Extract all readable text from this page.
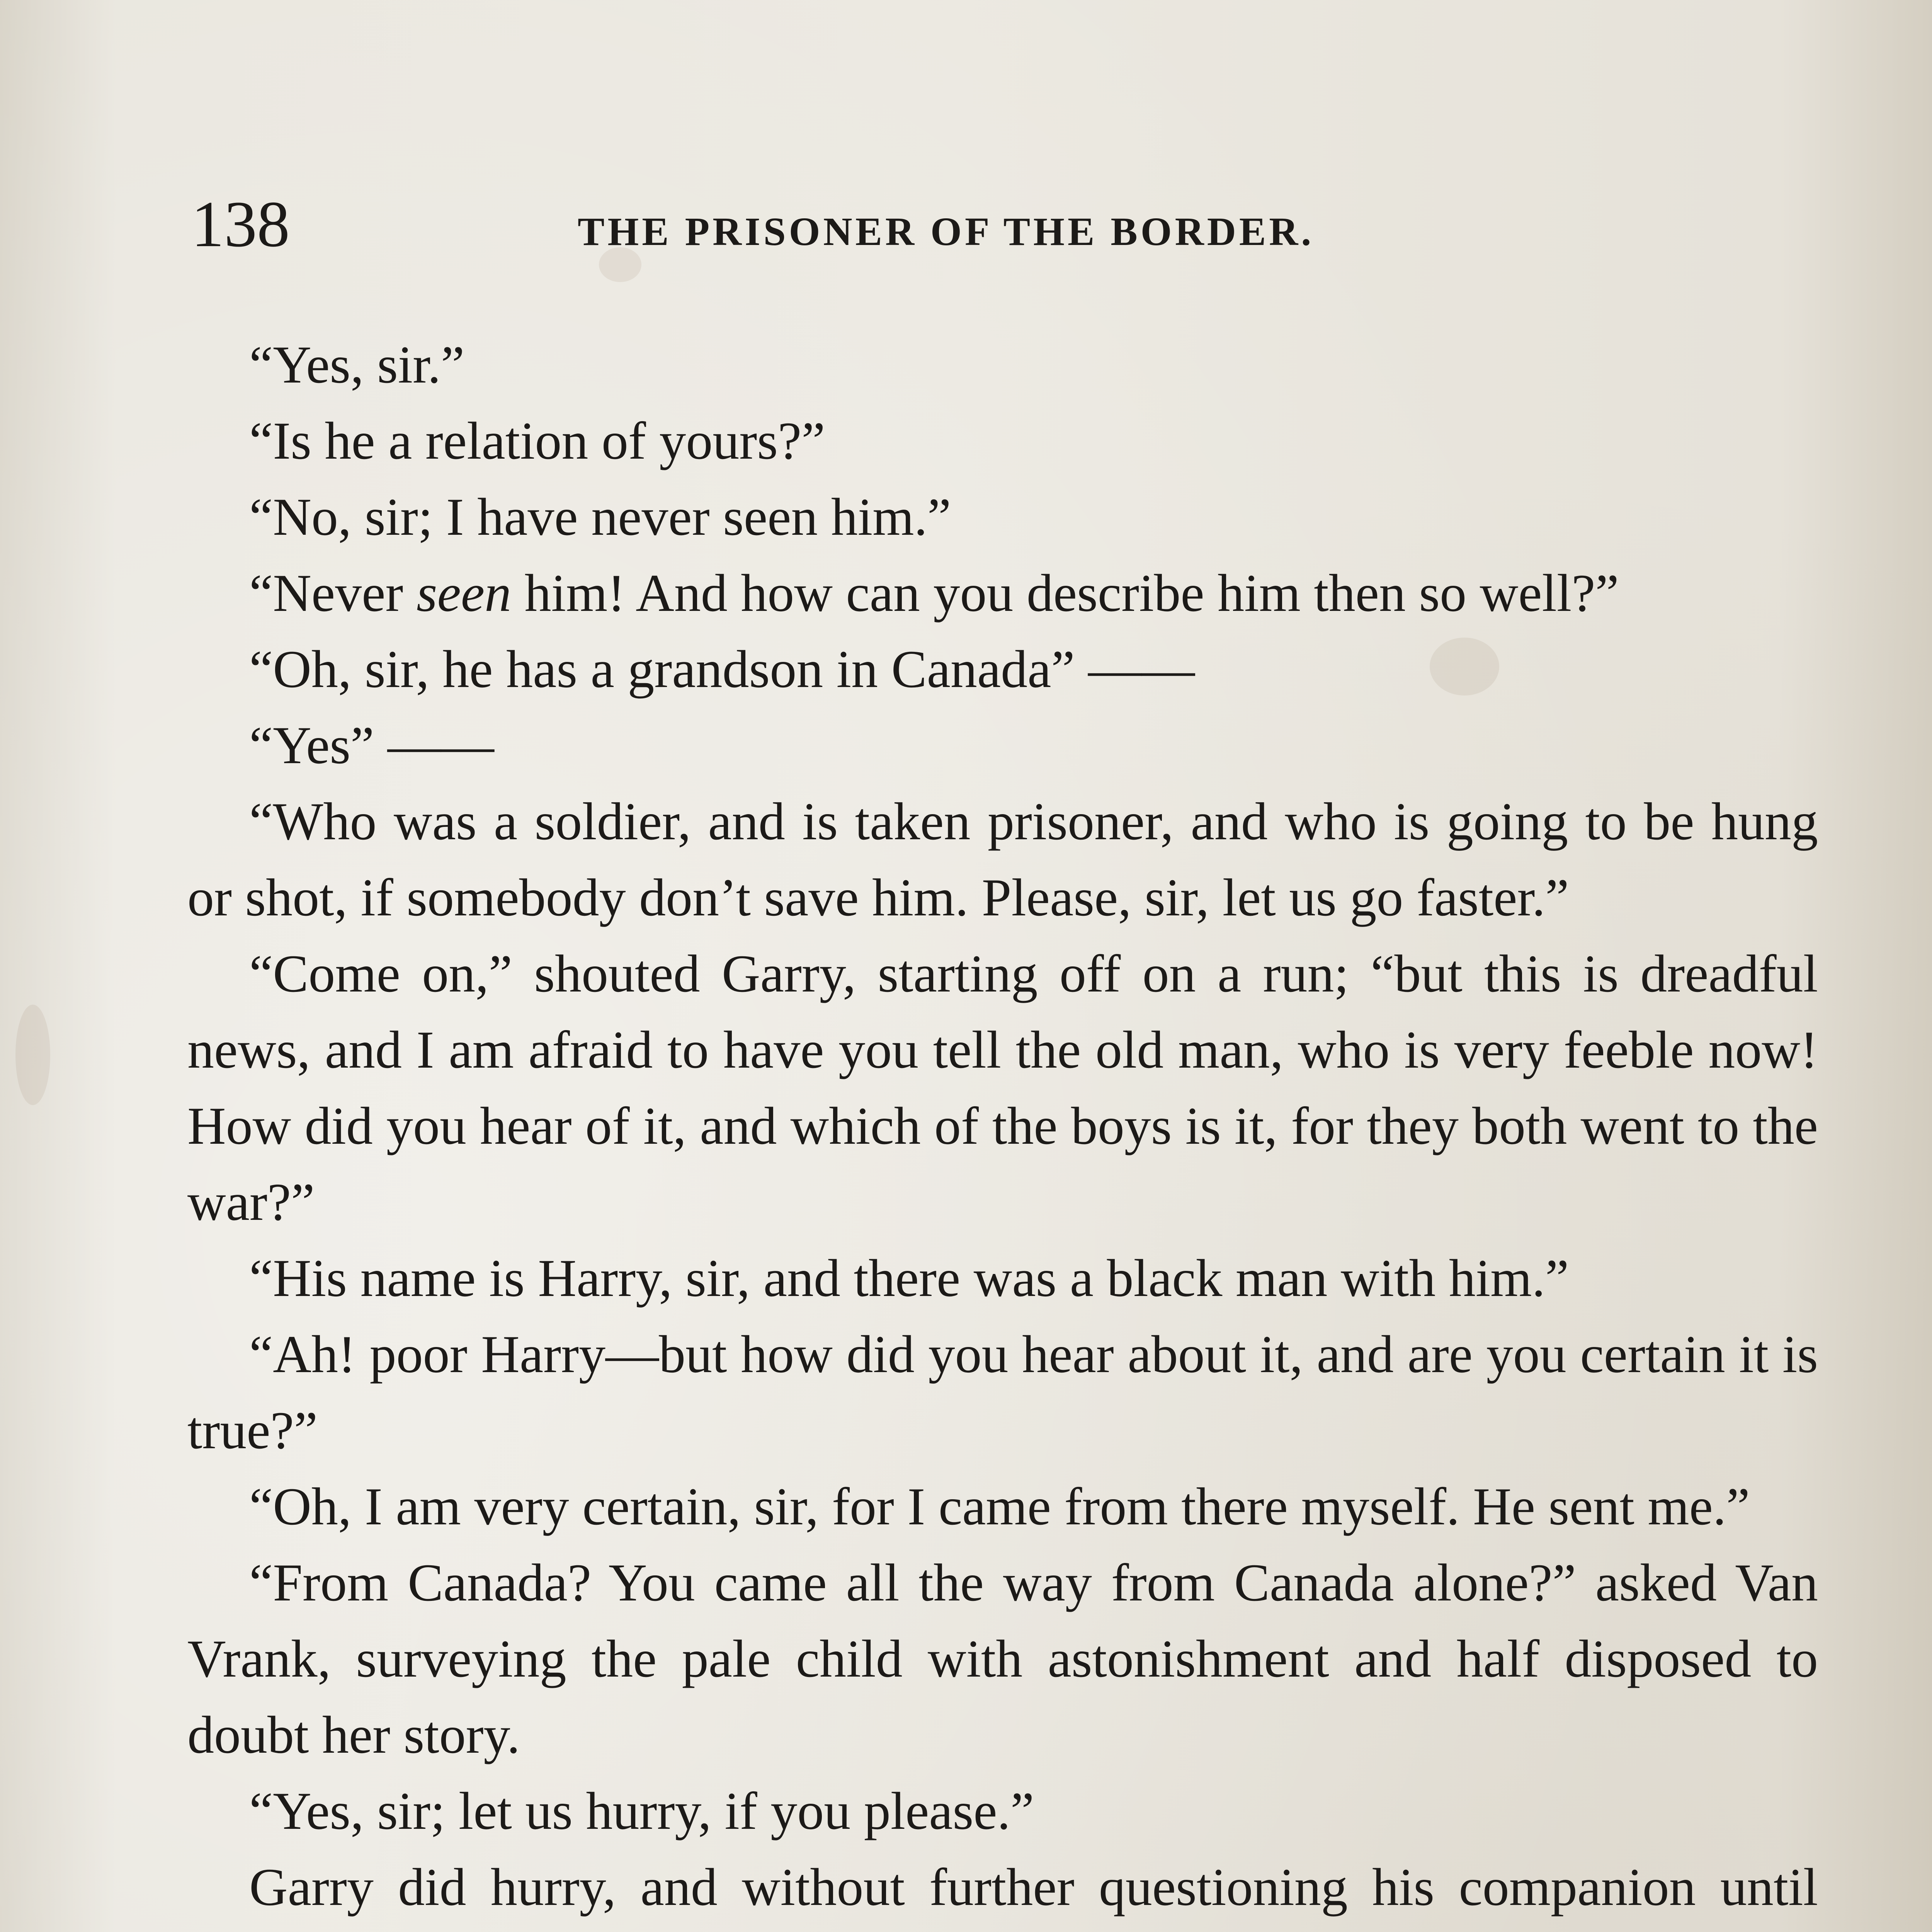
138	THE PRISONER OF THE BORDER.

“Yes, sir.”

“Is he a relation of yours?”

“No, sir; I have never seen him.”

“Never seen him! And how can you describe him then so well?”

“Oh, sir, he has a grandson in Canada” ——

“Yes” ——

“Who was a soldier, and is taken prisoner, and who is going to be hung or shot, if somebody don’t save him. Please, sir, let us go faster.”

“Come on,” shouted Garry, starting off on a run; “but this is dreadful news, and I am afraid to have you tell the old man, who is very feeble now! How did you hear of it, and which of the boys is it, for they both went to the war?”

“His name is Harry, sir, and there was a black man with him.”

“Ah! poor Harry—but how did you hear about it, and are you certain it is true?”

“Oh, I am very certain, sir, for I came from there myself. He sent me.”

“From Canada? You came all the way from Canada alone?” asked Van Vrank, surveying the pale child with astonishment and half disposed to doubt her story.

“Yes, sir; let us hurry, if you please.”

Garry did hurry, and without further questioning his companion until
